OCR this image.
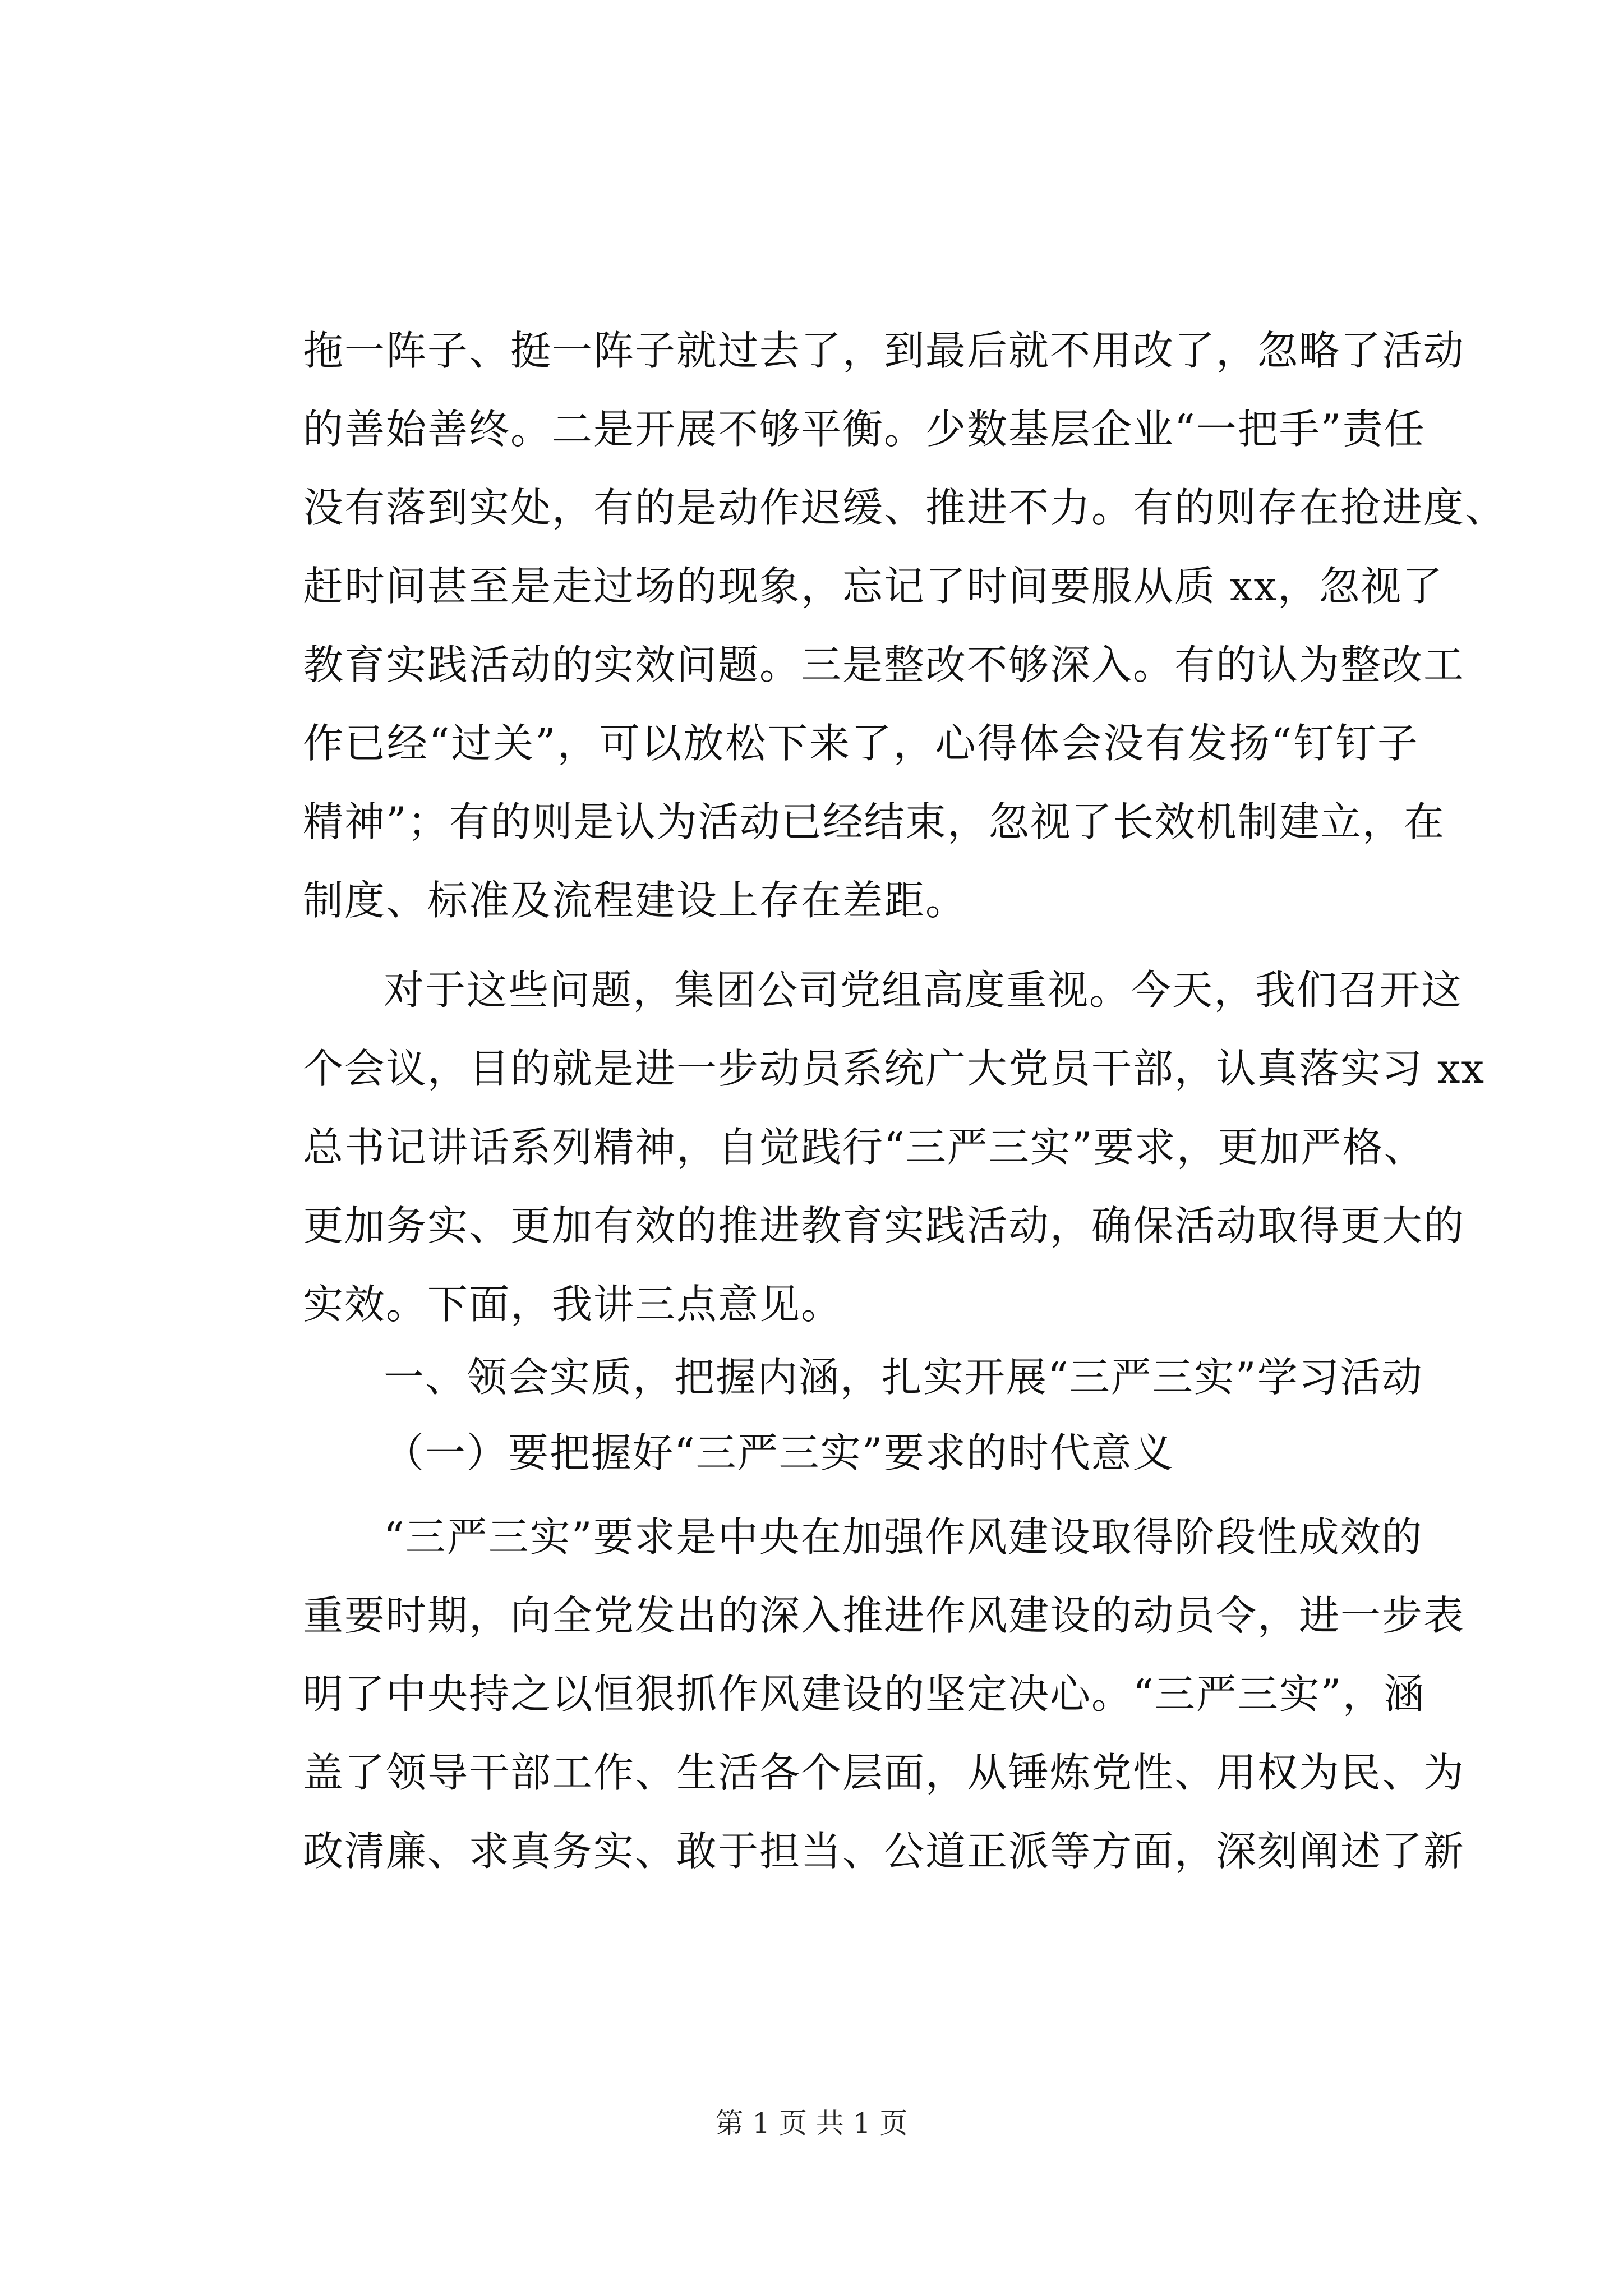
拖一阵子、挺一阵子就过去了，到最后就不用改了，忽略了活动
的善始善终。二是开展不够平衡。少数基层企业“一把手”责任
没有落到实处，有的是动作迟缓、推进不力。有的则存在抢进度、
赶时间甚至是走过场的现象，忘记了时间要服从质 xx，忽视了
教育实践活动的实效问题。三是整改不够深入。有的认为整改工
作已经“过关”，可以放松下来了，心得体会没有发扬“钉钉子
精神”；有的则是认为活动已经结束，忽视了长效机制建立，在
制度、标准及流程建设上存在差距。
对于这些问题，集团公司党组高度重视。今天，我们召开这
个会议，目的就是进一步动员系统广大党员干部，认真落实习 xx
总书记讲话系列精神，自觉践行“三严三实”要求，更加严格、
更加务实、更加有效的推进教育实践活动，确保活动取得更大的
实效。下面，我讲三点意见。
一、领会实质，把握内涵，扎实开展“三严三实”学习活动
（一）要把握好“三严三实”要求的时代意义
“三严三实”要求是中央在加强作风建设取得阶段性成效的
重要时期，向全党发出的深入推进作风建设的动员令，进一步表
明了中央持之以恒狠抓作风建设的坚定决心。“三严三实”，涵
盖了领导干部工作、生活各个层面，从锤炼党性、用权为民、为
政清廉、求真务实、敢于担当、公道正派等方面，深刻阐述了新
第 1 页 共 1 页
